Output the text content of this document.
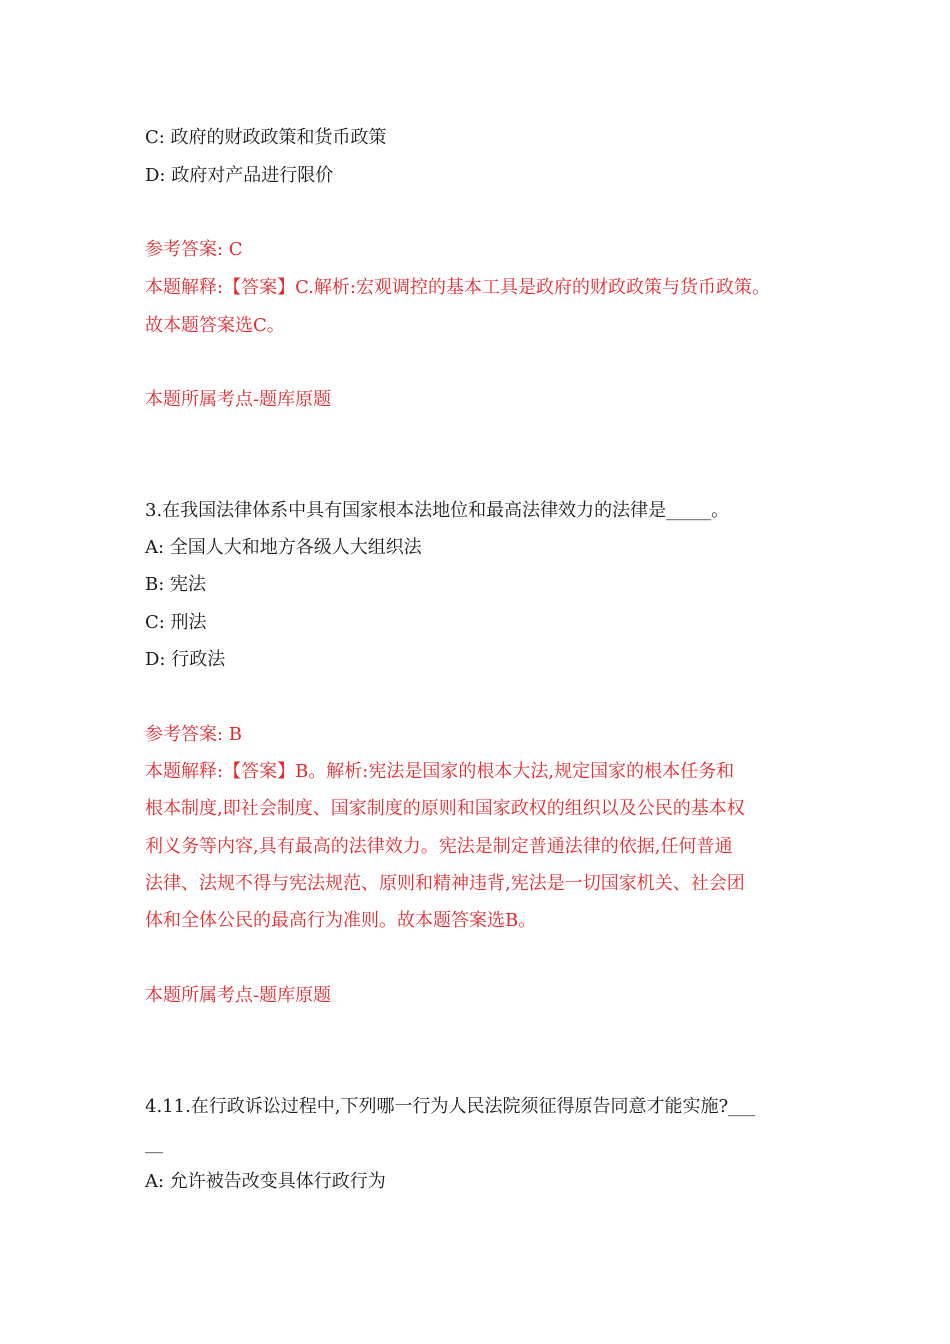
C: 政府的财政政策和货币政策
D: 政府对产品进行限价
参考答案: C
本题解释:【答案】C.解析:宏观调控的基本工具是政府的财政政策与货币政策。
故本题答案选C。
本题所属考点-题库原题
3.在我国法律体系中具有国家根本法地位和最高法律效力的法律是_____。
A: 全国人大和地方各级人大组织法
B: 宪法
C: 刑法
D: 行政法
参考答案: B
本题解释:【答案】B。解析:宪法是国家的根本大法,规定国家的根本任务和
根本制度,即社会制度、国家制度的原则和国家政权的组织以及公民的基本权
利义务等内容,具有最高的法律效力。宪法是制定普通法律的依据,任何普通
法律、法规不得与宪法规范、原则和精神违背,宪法是一切国家机关、社会团
体和全体公民的最高行为准则。故本题答案选B。
本题所属考点-题库原题
4.11.在行政诉讼过程中,下列哪一行为人民法院须征得原告同意才能实施?___
__
A: 允许被告改变具体行政行为
